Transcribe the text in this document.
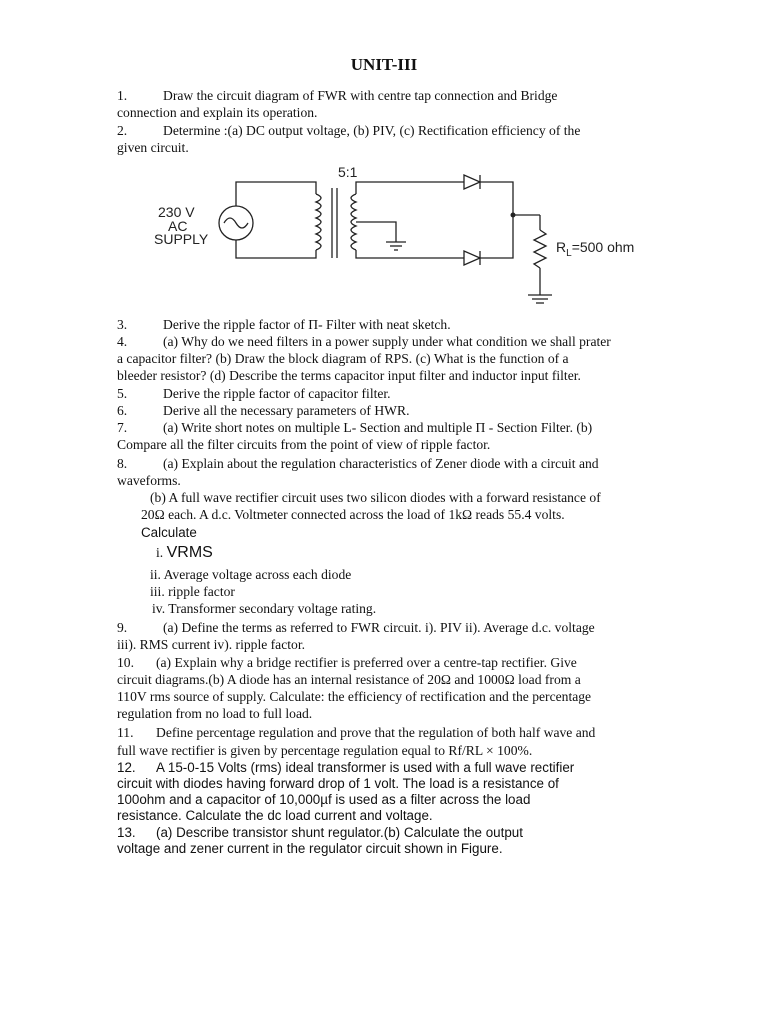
UNIT-III
1.	Draw the circuit diagram of FWR with centre tap connection and Bridge
connection and explain its operation.
2.	Determine :(a) DC output voltage, (b) PIV, (c) Rectification efficiency of the
given circuit.
5:1
230 V
AC
SUPPLY	$R_L=500$ ohm
3.	Derive the ripple factor of Π- Filter with neat sketch.
4.	(a) Why do we need filters in a power supply under what condition we shall prater
a capacitor filter? (b) Draw the block diagram of RPS. (c) What is the function of a
bleeder resistor? (d) Describe the terms capacitor input filter and inductor input filter.
5.	Derive the ripple factor of capacitor filter.
6.	Derive all the necessary parameters of HWR.
7.	(a) Write short notes on multiple L- Section and multiple Π - Section Filter. (b)
Compare all the filter circuits from the point of view of ripple factor.
8.	(a) Explain about the regulation characteristics of Zener diode with a circuit and
waveforms.
(b) A full wave rectifier circuit uses two silicon diodes with a forward resistance of
20Ω each. A d.c. Voltmeter connected across the load of 1kΩ reads 55.4 volts.
Calculate
i. VRMS
ii. Average voltage across each diode
iii. ripple factor
iv. Transformer secondary voltage rating.
9.	(a) Define the terms as referred to FWR circuit. i). PIV ii). Average d.c. voltage
iii). RMS current iv). ripple factor.
10. (a) Explain why a bridge rectifier is preferred over a centre-tap rectifier. Give
circuit diagrams.(b) A diode has an internal resistance of 20Ω and 1000Ω load from a
110V rms source of supply. Calculate: the efficiency of rectification and the percentage
regulation from no load to full load.
11. Define percentage regulation and prove that the regulation of both half wave and
full wave rectifier is given by percentage regulation equal to Rf/RL × 100%.
12. A 15-0-15 Volts (rms) ideal transformer is used with a full wave rectifier
circuit with diodes having forward drop of 1 volt. The load is a resistance of
100ohm and a capacitor of 10,000µf is used as a filter across the load
resistance. Calculate the dc load current and voltage.
13. (a) Describe transistor shunt regulator.(b) Calculate the output
voltage and zener current in the regulator circuit shown in Figure.
